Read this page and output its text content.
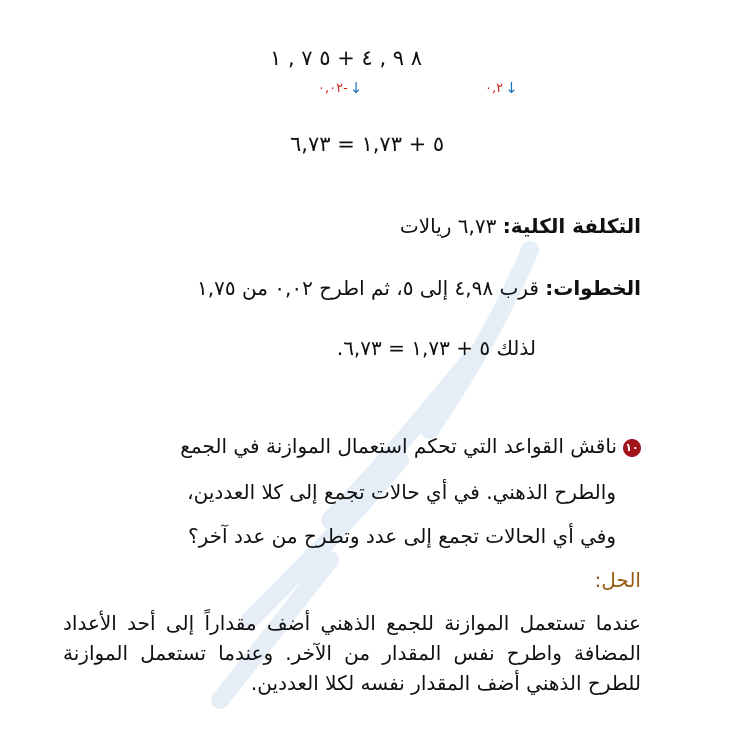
١ , ٧ ٥ + ٤ , ٩ ٨
٠,٠٢- ↓	٠,٢ ↓
٦,٧٣ = ١,٧٣ + ٥
التكلفة الكلية: ٦,٧٣ ريالات
الخطوات: قرب ٤,٩٨ إلى ٥، ثم اطرح ٠,٠٢ من ١,٧٥
لذلك ٥ + ١,٧٣ = ٦,٧٣.
١٠ناقش القواعد التي تحكم استعمال الموازنة في الجمع
والطرح الذهني. في أي حالات تجمع إلى كلا العددين،
وفي أي الحالات تجمع إلى عدد وتطرح من عدد آخر؟
الحل:
عندما تستعمل الموازنة للجمع الذهني أضف مقداراً إلى أحد الأعداد المضافة واطرح نفس المقدار من الآخر. وعندما تستعمل الموازنة للطرح الذهني أضف المقدار نفسه لكلا العددين.
